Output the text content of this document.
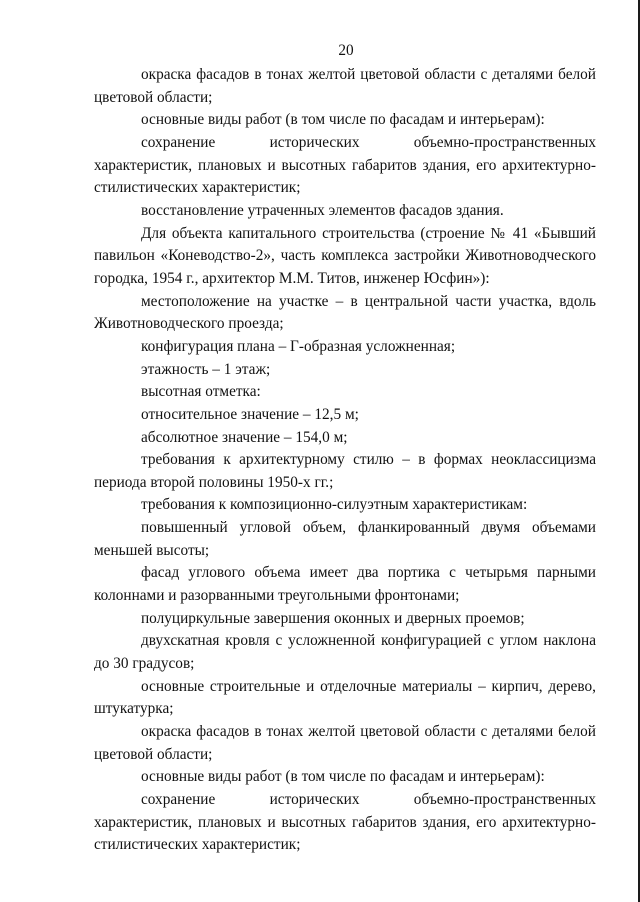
20

окраска фасадов в тонах желтой цветовой области с деталями белой цветовой области;

основные виды работ (в том числе по фасадам и интерьерам):

сохранение исторических объемно-пространственных характеристик, плановых и высотных габаритов здания, его архитектурно-стилистических характеристик;

восстановление утраченных элементов фасадов здания.

Для объекта капитального строительства (строение № 41 «Бывший павильон «Коневодство-2», часть комплекса застройки Животноводческого городка, 1954 г., архитектор М.М. Титов, инженер Юсфин»):

местоположение на участке – в центральной части участка, вдоль Животноводческого проезда;

конфигурация плана – Г-образная усложненная;

этажность – 1 этаж;

высотная отметка:

относительное значение – 12,5 м;

абсолютное значение – 154,0 м;

требования к архитектурному стилю – в формах неоклассицизма периода второй половины 1950-х гг.;

требования к композиционно-силуэтным характеристикам:

повышенный угловой объем, фланкированный двумя объемами меньшей высоты;

фасад углового объема имеет два портика с четырьмя парными колоннами и разорванными треугольными фронтонами;

полуциркульные завершения оконных и дверных проемов;

двухскатная кровля с усложненной конфигурацией с углом наклона до 30 градусов;

основные строительные и отделочные материалы – кирпич, дерево, штукатурка;

окраска фасадов в тонах желтой цветовой области с деталями белой цветовой области;

основные виды работ (в том числе по фасадам и интерьерам):

сохранение исторических объемно-пространственных характеристик, плановых и высотных габаритов здания, его архитектурно-стилистических характеристик;
